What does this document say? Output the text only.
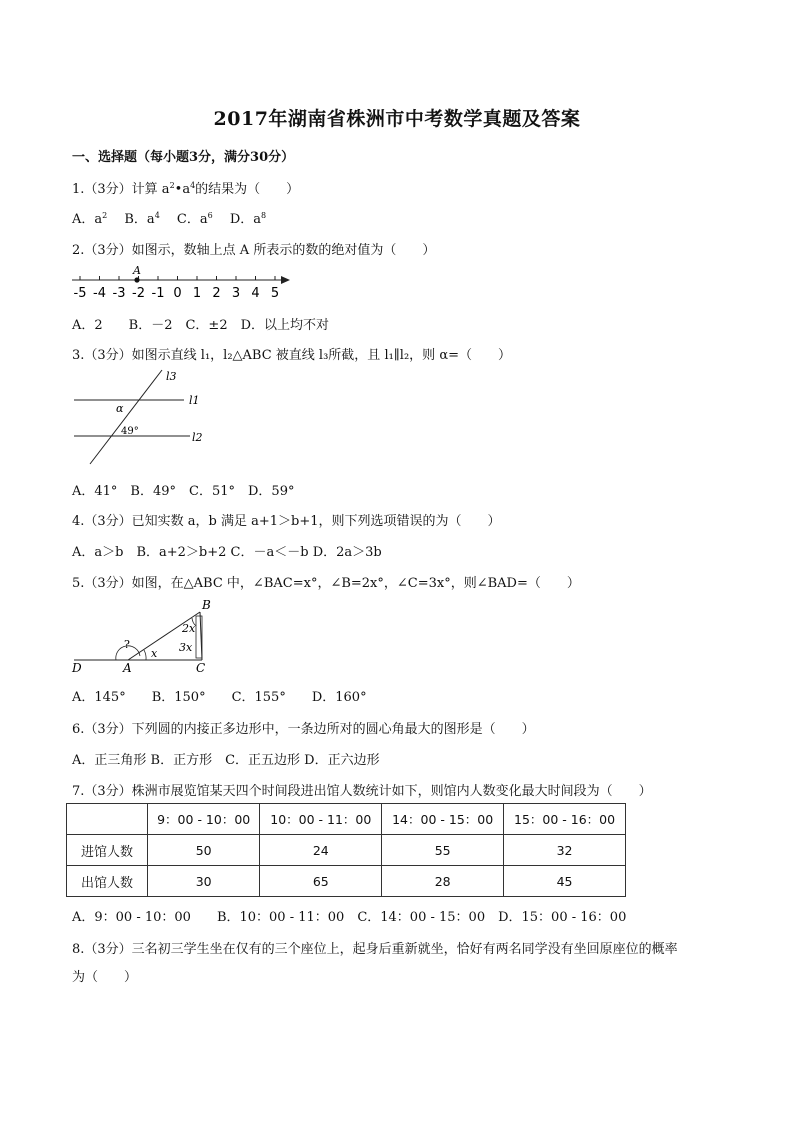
2017年湖南省株洲市中考数学真题及答案
一、选择题（每小题3分，满分30分）
1.（3分）计算 $a^2•a^4$的结果为（　　）
A．$a^2$　 B．$a^4$　 C．$a^6$　 D．$a^8$
2.（3分）如图示，数轴上点 A 所表示的数的绝对值为（　　）
-5 -4 -3 -2 -1 0 1 2 3 4 5
A
A．2　　B．－2　C．±2　D．以上均不对
3.（3分）如图示直线 l₁，l₂△ABC 被直线 l₃所截，且 l₁∥l₂，则 α=（　　）
l3
l1
l2
α
49°
A．41°　B．49°　C．51°　D．59°
4.（3分）已知实数 a，b 满足 a+1＞b+1，则下列选项错误的为（　　）
A．a＞b　B．a+2＞b+2 C．－a＜－b D．2a＞3b
5.（3分）如图，在△ABC 中，∠BAC=x°，∠B=2x°，∠C=3x°，则∠BAD=（　　）
B
A	C
D
?
x
2x
3x
A．145°　　B．150°　　C．155°　　D．160°
6.（3分）下列圆的内接正多边形中，一条边所对的圆心角最大的图形是（　　）
A．正三角形 B．正方形　C．正五边形 D．正六边形
7.（3分）株洲市展览馆某天四个时间段进出馆人数统计如下，则馆内人数变化最大时间段为（　　）
	9：00 - 10：00	10：00 - 11：00	14：00 - 15：00	15：00 - 16：00
进馆人数	50	24	55	32
出馆人数	30	65	28	45
A．9：00 - 10：00　　B．10：00 - 11：00　C．14：00 - 15：00　D．15：00 - 16：00
8.（3分）三名初三学生坐在仅有的三个座位上，起身后重新就坐，恰好有两名同学没有坐回原座位的概率
为（　　）
